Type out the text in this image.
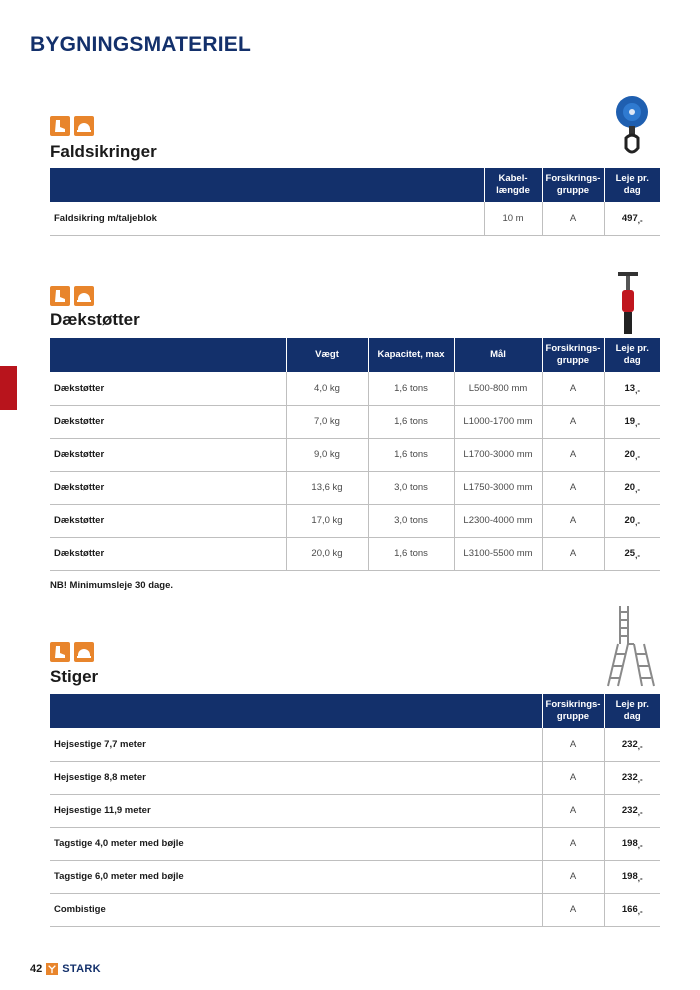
BYGNINGSMATERIEL
Faldsikringer
	Kabel- længde	Forsikrings- gruppe	Leje pr. dag
Faldsikring m/taljeblok	10 m	A	$497_{,-}$
Dækstøtter
	Vægt	Kapacitet, max	Mål	Forsikrings- gruppe	Leje pr. dag
Dækstøtter	4,0 kg	1,6 tons	L500-800 mm	A	$13_{,-}$
Dækstøtter	7,0 kg	1,6 tons	L1000-1700 mm	A	$19_{,-}$
Dækstøtter	9,0 kg	1,6 tons	L1700-3000 mm	A	$20_{,-}$
Dækstøtter	13,6 kg	3,0 tons	L1750-3000 mm	A	$20_{,-}$
Dækstøtter	17,0 kg	3,0 tons	L2300-4000 mm	A	$20_{,-}$
Dækstøtter	20,0 kg	1,6 tons	L3100-5500 mm	A	$25_{,-}$

NB! Minimumsleje 30 dage.

Stiger
	Forsikrings- gruppe	Leje pr. dag
Hejsestige 7,7 meter	A	$232_{,-}$
Hejsestige 8,8 meter	A	$232_{,-}$
Hejsestige 11,9 meter	A	$232_{,-}$
Tagstige 4,0 meter med bøjle	A	$198_{,-}$
Tagstige 6,0 meter med bøjle	A	$198_{,-}$
Combistige	A	$166_{,-}$
42 STARK
